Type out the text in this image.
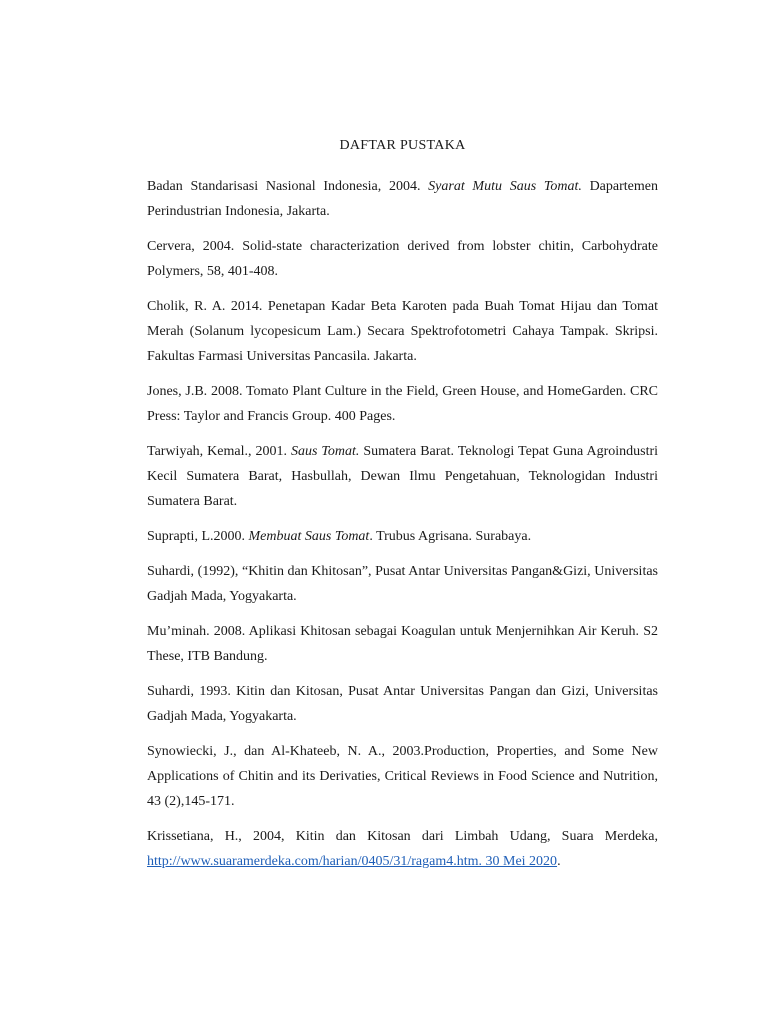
DAFTAR PUSTAKA
Badan Standarisasi Nasional Indonesia, 2004. Syarat Mutu Saus Tomat. Dapartemen Perindustrian Indonesia, Jakarta.
Cervera, 2004. Solid-state characterization derived from lobster chitin, Carbohydrate Polymers, 58, 401-408.
Cholik, R. A. 2014. Penetapan Kadar Beta Karoten pada Buah Tomat Hijau dan Tomat Merah (Solanum lycopesicum Lam.) Secara Spektrofotometri Cahaya Tampak. Skripsi. Fakultas Farmasi Universitas Pancasila. Jakarta.
Jones, J.B. 2008. Tomato Plant Culture in the Field, Green House, and HomeGarden. CRC Press: Taylor and Francis Group. 400 Pages.
Tarwiyah, Kemal., 2001. Saus Tomat. Sumatera Barat. Teknologi Tepat Guna Agroindustri Kecil Sumatera Barat, Hasbullah, Dewan Ilmu Pengetahuan, Teknologidan Industri Sumatera Barat.
Suprapti, L.2000. Membuat Saus Tomat. Trubus Agrisana. Surabaya.
Suhardi, (1992), “Khitin dan Khitosan”, Pusat Antar Universitas Pangan&Gizi, Universitas Gadjah Mada, Yogyakarta.
Mu’minah. 2008. Aplikasi Khitosan sebagai Koagulan untuk Menjernihkan Air Keruh. S2 These, ITB Bandung.
Suhardi, 1993. Kitin dan Kitosan, Pusat Antar Universitas Pangan dan Gizi, Universitas Gadjah Mada, Yogyakarta.
Synowiecki, J., dan Al-Khateeb, N. A., 2003.Production, Properties, and Some New Applications of Chitin and its Derivaties, Critical Reviews in Food Science and Nutrition, 43 (2),145-171.
Krissetiana, H., 2004, Kitin dan Kitosan dari Limbah Udang, Suara Merdeka, http://www.suaramerdeka.com/harian/0405/31/ragam4.htm. 30 Mei 2020.
